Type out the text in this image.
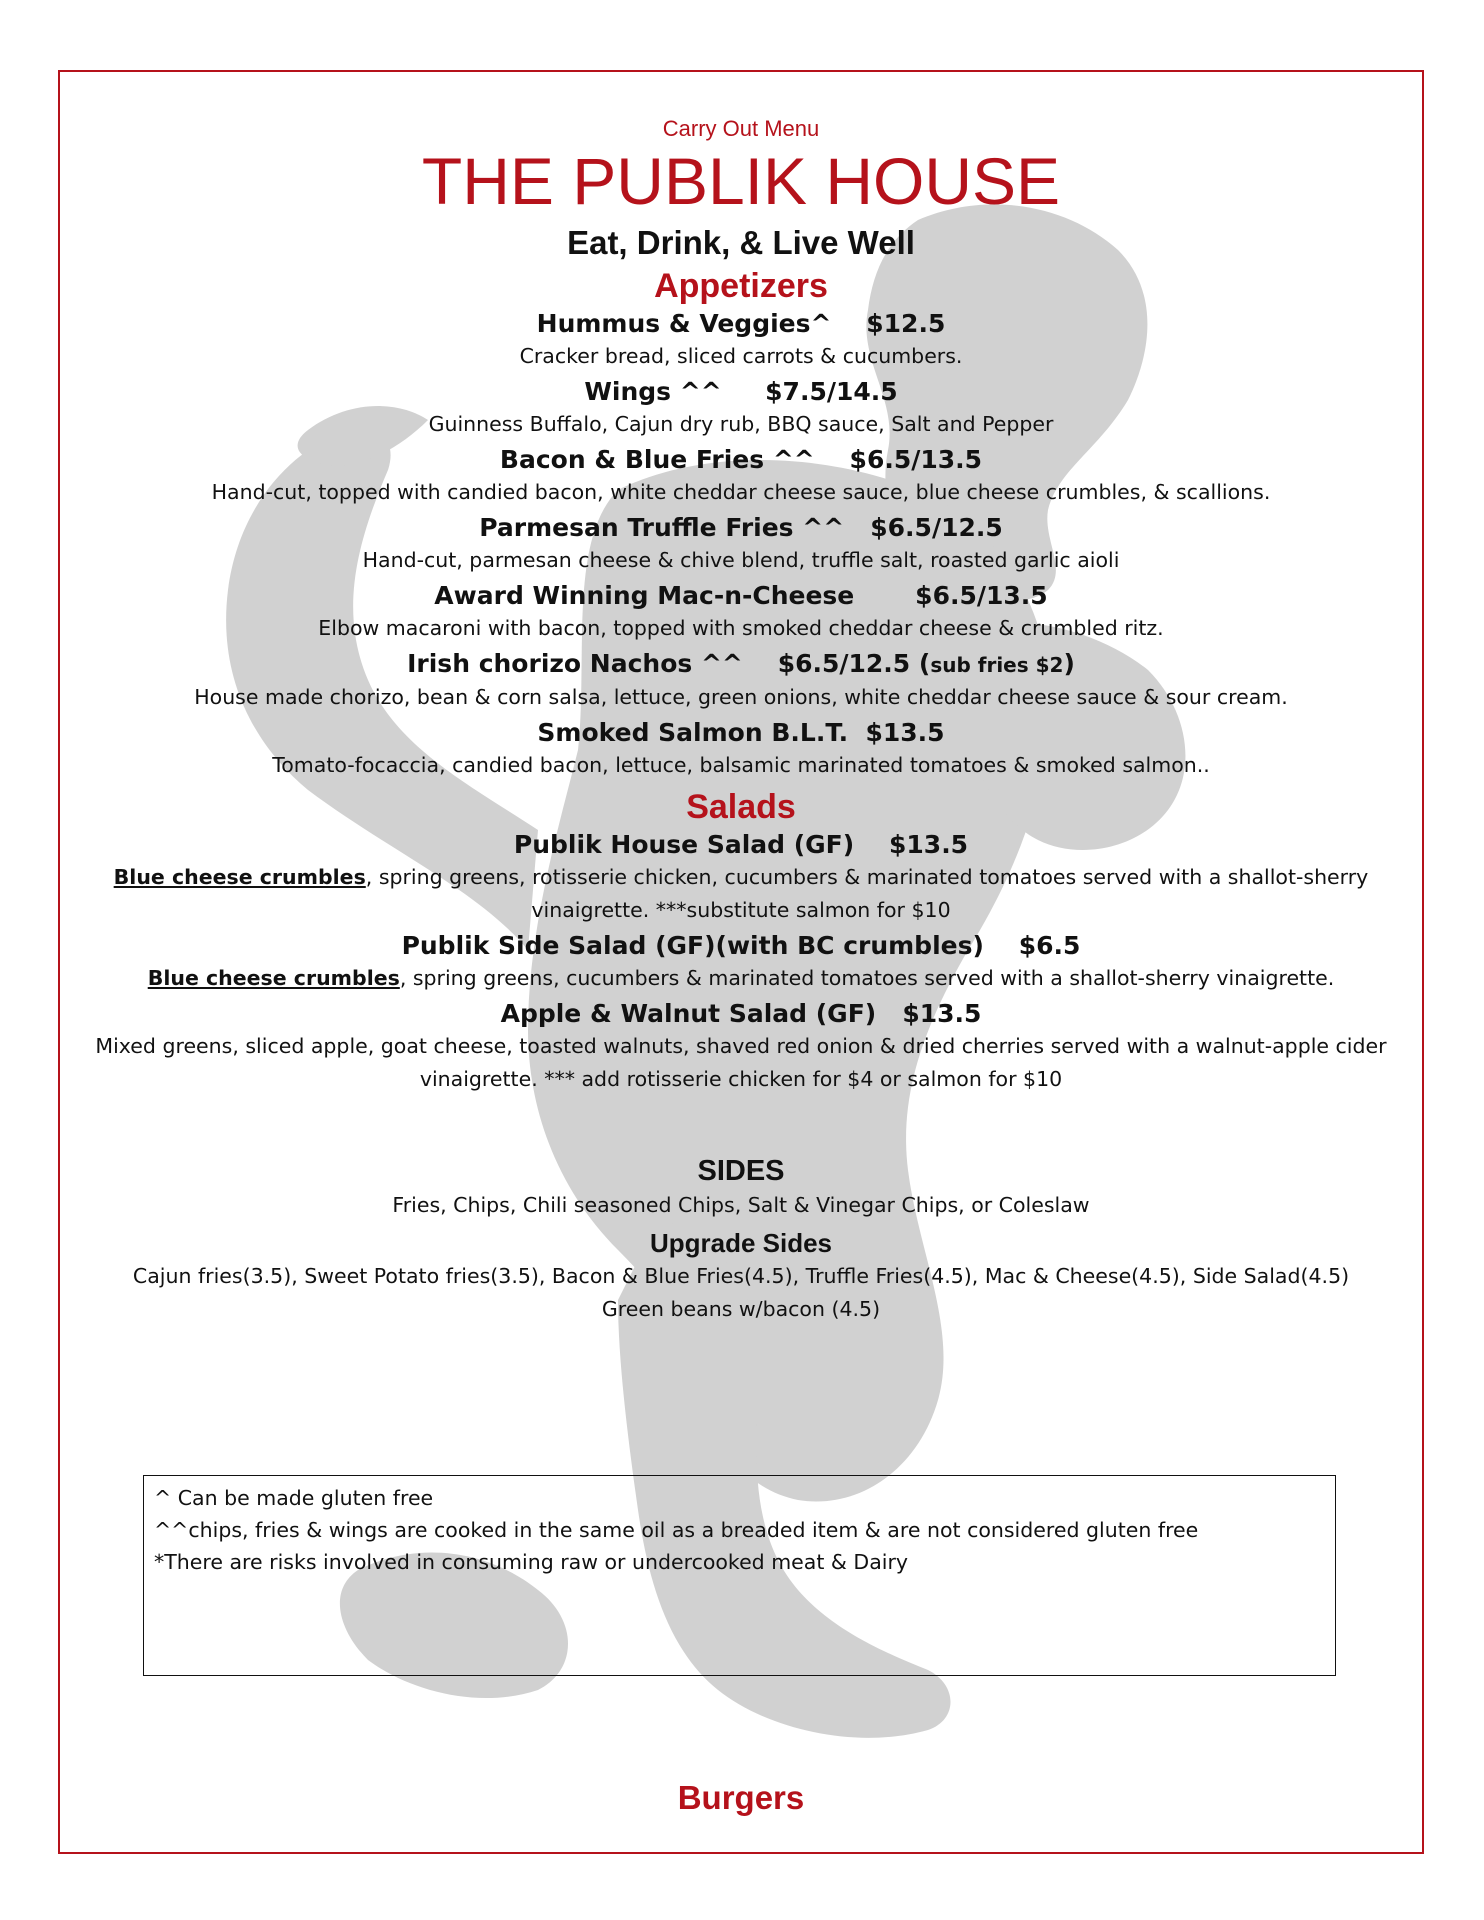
Carry Out Menu
THE PUBLIK HOUSE
Eat, Drink, & Live Well
Appetizers
Hummus & Veggies^    $12.5
Cracker bread, sliced carrots & cucumbers.
Wings ^^     $7.5/14.5
Guinness Buffalo, Cajun dry rub, BBQ sauce, Salt and Pepper
Bacon & Blue Fries ^^    $6.5/13.5
Hand-cut, topped with candied bacon, white cheddar cheese sauce, blue cheese crumbles, & scallions.
Parmesan Truffle Fries ^^   $6.5/12.5
Hand-cut, parmesan cheese & chive blend, truffle salt, roasted garlic aioli
Award Winning Mac-n-Cheese       $6.5/13.5
Elbow macaroni with bacon, topped with smoked cheddar cheese & crumbled ritz.
Irish chorizo Nachos ^^    $6.5/12.5 (sub fries $2)
House made chorizo, bean & corn salsa, lettuce, green onions, white cheddar cheese sauce & sour cream.
Smoked Salmon B.L.T.  $13.5
Tomato-focaccia, candied bacon, lettuce, balsamic marinated tomatoes & smoked salmon..
Salads
Publik House Salad (GF)    $13.5
Blue cheese crumbles, spring greens, rotisserie chicken, cucumbers & marinated tomatoes served with a shallot-sherry vinaigrette. ***substitute salmon for $10
Publik Side Salad (GF)(with BC crumbles)    $6.5
Blue cheese crumbles, spring greens, cucumbers & marinated tomatoes served with a shallot-sherry vinaigrette.
Apple & Walnut Salad (GF)   $13.5
Mixed greens, sliced apple, goat cheese, toasted walnuts, shaved red onion & dried cherries served with a walnut-apple cider vinaigrette. *** add rotisserie chicken for $4 or salmon for $10
SIDES
Fries, Chips, Chili seasoned Chips, Salt & Vinegar Chips, or Coleslaw
Upgrade Sides
Cajun fries(3.5), Sweet Potato fries(3.5), Bacon & Blue Fries(4.5), Truffle Fries(4.5), Mac & Cheese(4.5), Side Salad(4.5)
Green beans w/bacon (4.5)
^ Can be made gluten free
^^chips, fries & wings are cooked in the same oil as a breaded item & are not considered gluten free
*There are risks involved in consuming raw or undercooked meat & Dairy
Burgers
